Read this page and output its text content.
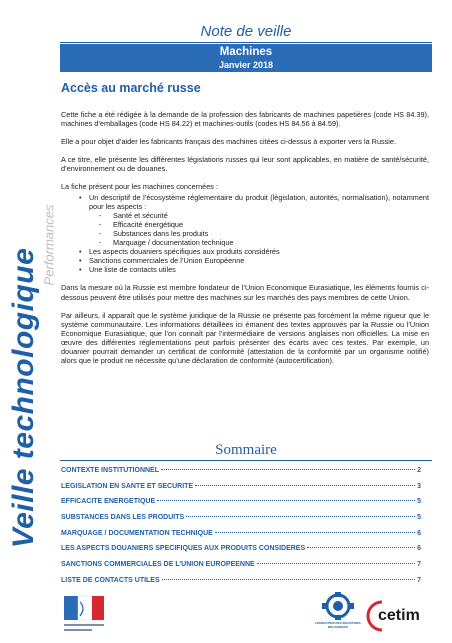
Note de veille
Machines
Janvier 2018
Veille technologique
Performances
Accès au marché russe

Cette fiche a été rédigée à la demande de la profession des fabricants de machines papetières (code HS 84.39), machines d’emballages (code HS 84.22) et machines-outils (codes HS 84.56 à 84.59).

Elle a pour objet d’aider les fabricants français des machines citées ci-dessus à exporter vers la Russie.

A ce titre, elle présente les différentes législations russes qui leur sont applicables, en matière de santé/sécurité, d’environnement ou de douanes.

La fiche présent pour les machines concernées :

• Un descriptif de l’écosystème réglementaire du produit (législation, autorités, normalisation), notamment pour les aspects :
- Santé et sécurité
- Efficacité énergétique
- Substances dans les produits
- Marquage / documentation technique
• Les aspects douaniers spécifiques aux produits considérés
• Sanctions commerciales de l’Union Européenne
• Une liste de contacts utiles

Dans la mesure où la Russie est membre fondateur de l’Union Economique Eurasiatique, les éléments fournis ci-dessous peuvent être utilisés pour mettre des machines sur les marchés des pays membres de cette Union.

Par ailleurs, il apparaît que le système juridique de la Russie ne présente pas forcément la même rigueur que le système communautaire. Les informations détaillées ici émanent des textes approuvés par la Russie ou l’Union Economique Eurasiatique, que l’on connaît par l’intermédiaire de versions anglaises non officielles. La mise en œuvre des différentes réglementations peut parfois présenter des écarts avec ces textes. Par exemple, un douanier pourrait demander un certificat de conformité (attestation de la conformité par un organisme notifié) alors que le produit ne nécessite qu’une déclaration de conformité (autocertification).

Sommaire
CONTEXTE INSTITUTIONNEL	2
LEGISLATION EN SANTE ET SECURITE	3
EFFICACITE ENERGETIQUE	5
SUBSTANCES DANS LES PRODUITS	5
MARQUAGE / DOCUMENTATION TECHNIQUE	6
LES ASPECTS DOUANIERS SPECIFIQUES AUX PRODUITS CONSIDERES	6
SANCTIONS COMMERCIALES DE L’UNION EUROPEENNE	7
LISTE DE CONTACTS UTILES	7
FÉDÉRATION DES INDUSTRIES MÉCANIQUES
cetim
